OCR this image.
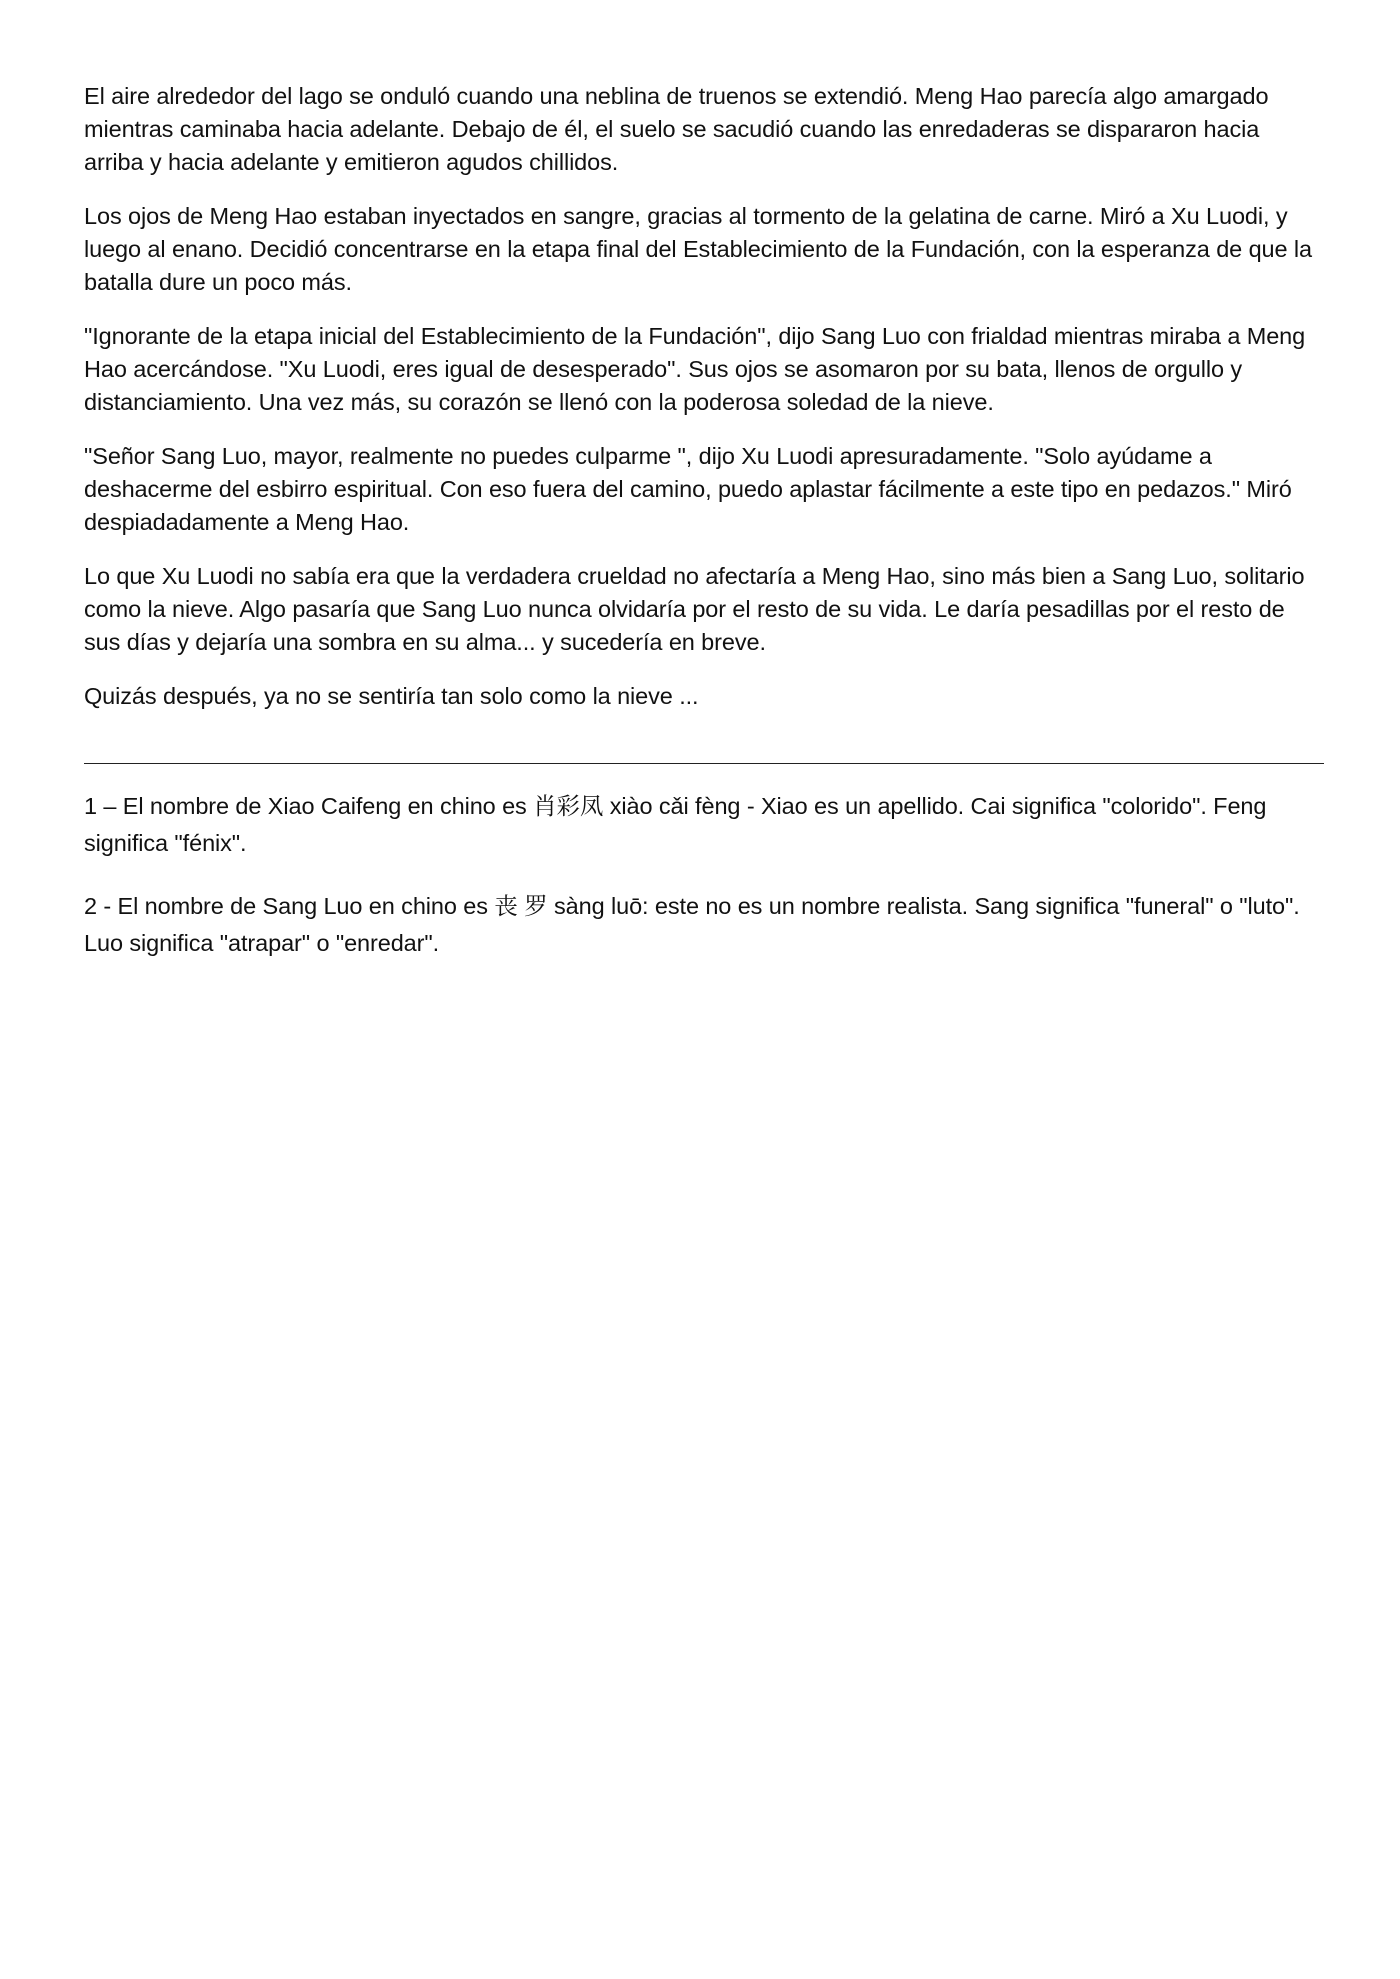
El aire alrededor del lago se onduló cuando una neblina de truenos se extendió. Meng Hao parecía algo amargado mientras caminaba hacia adelante. Debajo de él, el suelo se sacudió cuando las enredaderas se dispararon hacia arriba y hacia adelante y emitieron agudos chillidos.

Los ojos de Meng Hao estaban inyectados en sangre, gracias al tormento de la gelatina de carne. Miró a Xu Luodi, y luego al enano. Decidió concentrarse en la etapa final del Establecimiento de la Fundación, con la esperanza de que la batalla dure un poco más.

"Ignorante de la etapa inicial del Establecimiento de la Fundación", dijo Sang Luo con frialdad mientras miraba a Meng Hao acercándose. "Xu Luodi, eres igual de desesperado". Sus ojos se asomaron por su bata, llenos de orgullo y distanciamiento. Una vez más, su corazón se llenó con la poderosa soledad de la nieve.

"Señor Sang Luo, mayor, realmente no puedes culparme ", dijo Xu Luodi apresuradamente. "Solo ayúdame a deshacerme del esbirro espiritual. Con eso fuera del camino, puedo aplastar fácilmente a este tipo en pedazos." Miró despiadadamente a Meng Hao.

Lo que Xu Luodi no sabía era que la verdadera crueldad no afectaría a Meng Hao, sino más bien a Sang Luo, solitario como la nieve. Algo pasaría que Sang Luo nunca olvidaría por el resto de su vida. Le daría pesadillas por el resto de sus días y dejaría una sombra en su alma... y sucedería en breve.

Quizás después, ya no se sentiría tan solo como la nieve ...

1 – El nombre de Xiao Caifeng en chino es 肖彩凤 xiào cǎi fèng - Xiao es un apellido. Cai significa "colorido". Feng significa "fénix".

2 - El nombre de Sang Luo en chino es 丧 罗 sàng luō: este no es un nombre realista. Sang significa "funeral" o "luto". Luo significa "atrapar" o "enredar".
